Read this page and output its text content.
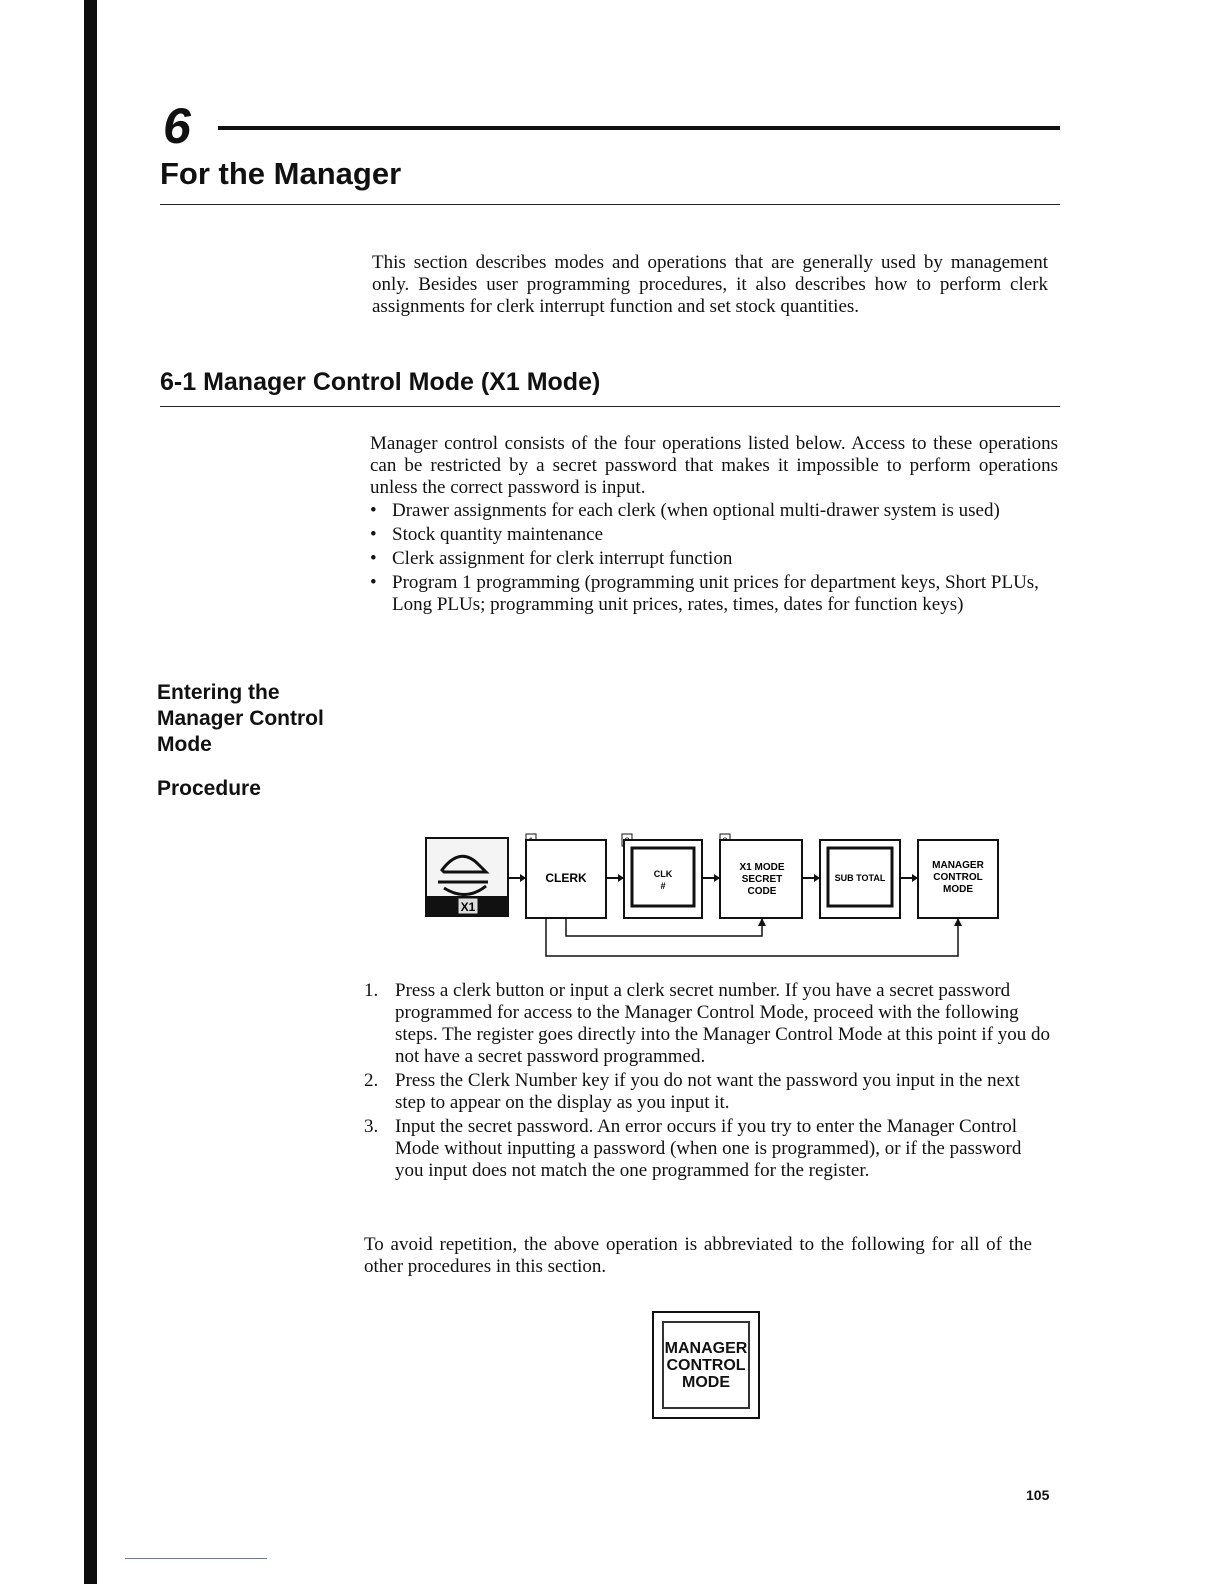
6
For the Manager
This section describes modes and operations that are generally used by management only. Besides user programming procedures, it also describes how to perform clerk assignments for clerk interrupt function and set stock quantities.
6-1 Manager Control Mode (X1 Mode)
Manager control consists of the four operations listed below. Access to these operations can be restricted by a secret password that makes it impossible to perform operations unless the correct password is input.
• Drawer assignments for each clerk (when optional multi-drawer system is used)
• Stock quantity maintenance
• Clerk assignment for clerk interrupt function
• Program 1 programming (programming unit prices for department keys, Short PLUs, Long PLUs; programming unit prices, rates, times, dates for function keys)
Entering the Manager Control Mode
Procedure
X1
CLERK	CLK #
X1 MODE SECRET CODE
SUB TOTAL
MANAGER CONTROL MODE
1. Press a clerk button or input a clerk secret number. If you have a secret password programmed for access to the Manager Control Mode, proceed with the following steps. The register goes directly into the Manager Control Mode at this point if you do not have a secret password programmed.
2. Press the Clerk Number key if you do not want the password you input in the next step to appear on the display as you input it.
3. Input the secret password. An error occurs if you try to enter the Manager Control Mode without inputting a password (when one is programmed), or if the password you input does not match the one programmed for the register.
To avoid repetition, the above operation is abbreviated to the following for all of the other procedures in this section.
MANAGER
CONTROL
MODE
105
